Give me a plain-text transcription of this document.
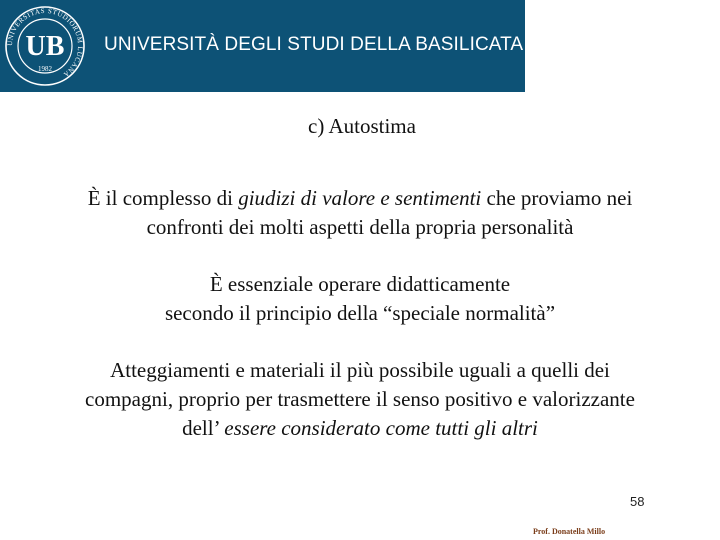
UNIVERSITAS STUDIORUM LUCANA
UB
1982
UNIVERSITÀ DEGLI STUDI DELLA BASILICATA
c) Autostima
È il complesso di giudizi di valore e sentimenti che proviamo nei
confronti dei molti aspetti della propria personalità
È essenziale operare didatticamente
secondo il principio della “speciale normalità”
Atteggiamenti e materiali il più possibile uguali a quelli dei
compagni, proprio per trasmettere il senso positivo e valorizzante
dell’ essere considerato come tutti gli altri
58
Prof. Donatella Millo
